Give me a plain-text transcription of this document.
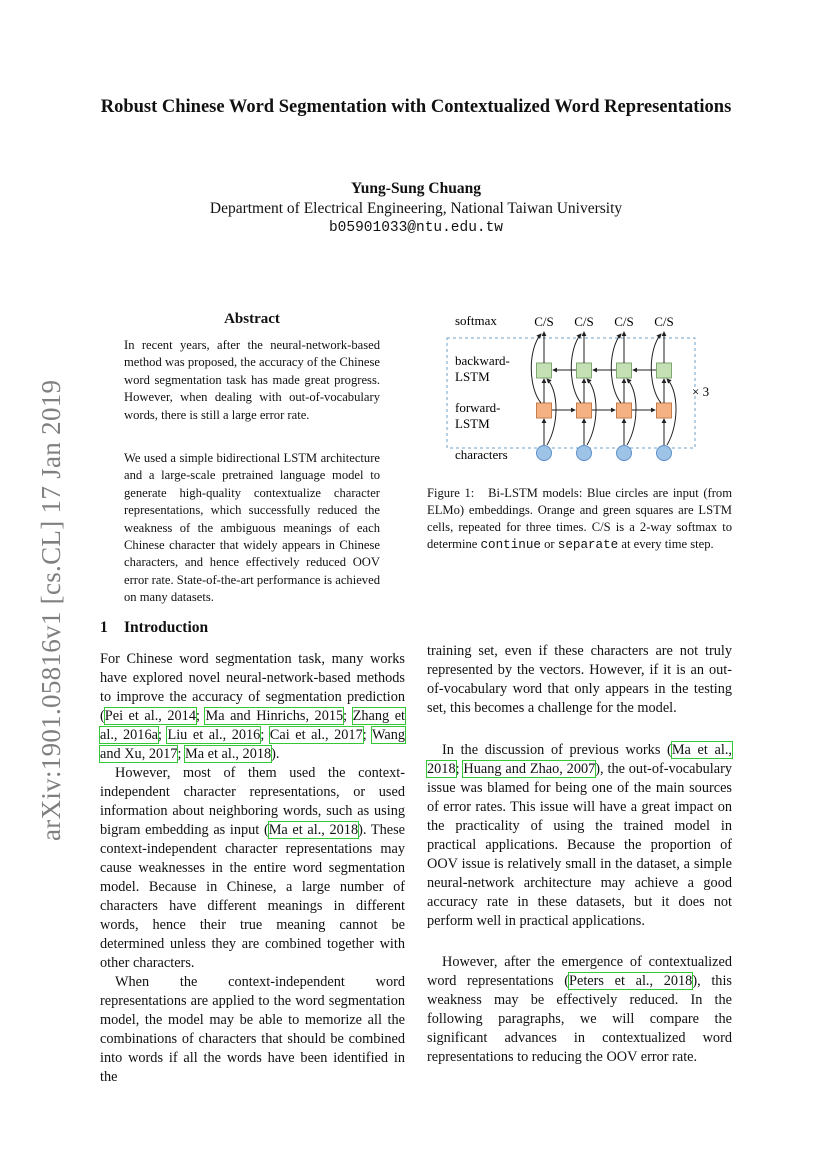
arXiv:1901.05816v1 [cs.CL] 17 Jan 2019
Robust Chinese Word Segmentation with Contextualized Word Representations
Yung-Sung Chuang
Department of Electrical Engineering, National Taiwan University
b05901033@ntu.edu.tw
Abstract

In recent years, after the neural-network-based method was proposed, the accuracy of the Chinese word segmentation task has made great progress. However, when dealing with out-of-vocabulary words, there is still a large error rate.

We used a simple bidirectional LSTM architecture and a large-scale pretrained language model to generate high-quality contextualize character representations, which successfully reduced the weakness of the ambiguous meanings of each Chinese character that widely appears in Chinese characters, and hence effectively reduced OOV error rate. State-of-the-art performance is achieved on many datasets.

softmax
backward-
LSTM
forward-
LSTM
characters
× 3
C/S C/S C/S C/S
Figure 1: Bi-LSTM models: Blue circles are input (from ELMo) embeddings. Orange and green squares are LSTM cells, repeated for three times. C/S is a 2-way softmax to determine continue or separate at every time step.
1 Introduction

For Chinese word segmentation task, many works have explored novel neural-network-based methods to improve the accuracy of segmentation prediction (Pei et al., 2014; Ma and Hinrichs, 2015; Zhang et al., 2016a; Liu et al., 2016; Cai et al., 2017; Wang and Xu, 2017; Ma et al., 2018).

However, most of them used the context-independent character representations, or used information about neighboring words, such as using bigram embedding as input (Ma et al., 2018). These context-independent character representations may cause weaknesses in the entire word segmentation model. Because in Chinese, a large number of characters have different meanings in different words, hence their true meaning cannot be determined unless they are combined together with other characters.

When the context-independent word representations are applied to the word segmentation model, the model may be able to memorize all the combinations of characters that should be combined into words if all the words have been identified in the

training set, even if these characters are not truly represented by the vectors. However, if it is an out-of-vocabulary word that only appears in the testing set, this becomes a challenge for the model.

In the discussion of previous works (Ma et al., 2018; Huang and Zhao, 2007), the out-of-vocabulary issue was blamed for being one of the main sources of error rates. This issue will have a great impact on the practicality of using the trained model in practical applications. Because the proportion of OOV issue is relatively small in the dataset, a simple neural-network architecture may achieve a good accuracy rate in these datasets, but it does not perform well in practical applications.

However, after the emergence of contextualized word representations (Peters et al., 2018), this weakness may be effectively reduced. In the following paragraphs, we will compare the significant advances in contextualized word representations to reducing the OOV error rate.
